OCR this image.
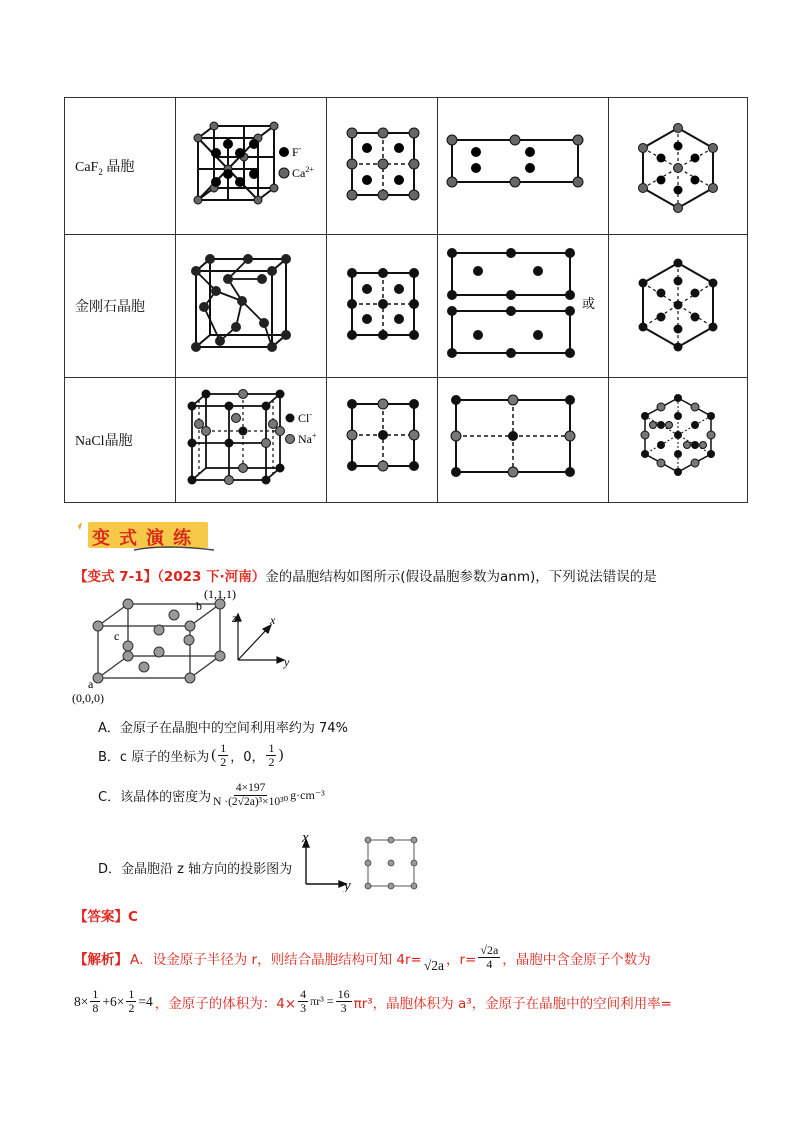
CaF$_2$ 晶胞	F-
$Ca^{2+}$

金刚石晶胞			或

NaCl晶胞	Cl-
Na+

变式演练
【变式 7-1】（2023 下·河南）金的晶胞结构如图所示(假设晶胞参数为anm)，下列说法错误的是
(1,1,1)
b
c
a
(0,0,0)
z	x
y
A．金原子在晶胞中的空间利用率约为 74%
B．c 原子的坐标为 ( $\frac{1}{2}$ ，0， $\frac{1}{2}$ )
C．该晶体的密度为 $\frac{4\times 197}{\text{N ·(2√2a)³×10³⁰}} g\cdot cm^{-3}$
D．金晶胞沿 z 轴方向的投影图为
x
y
【答案】C
【解析】 A．设金原子半径为 r，则结合晶胞结构可知 4r= √2a ，$r= \frac{√2a}{4}$ ，晶胞中含金原子个数为
$8\times \frac{1}{8} +6\times \frac{1}{2} =4$ ，金原子的体积为：$4\times \frac{4}{3} \pi r^3 = \frac{16}{3} \pi r^3$，晶胞体积为 a³，金原子在晶胞中的空间利用率=
